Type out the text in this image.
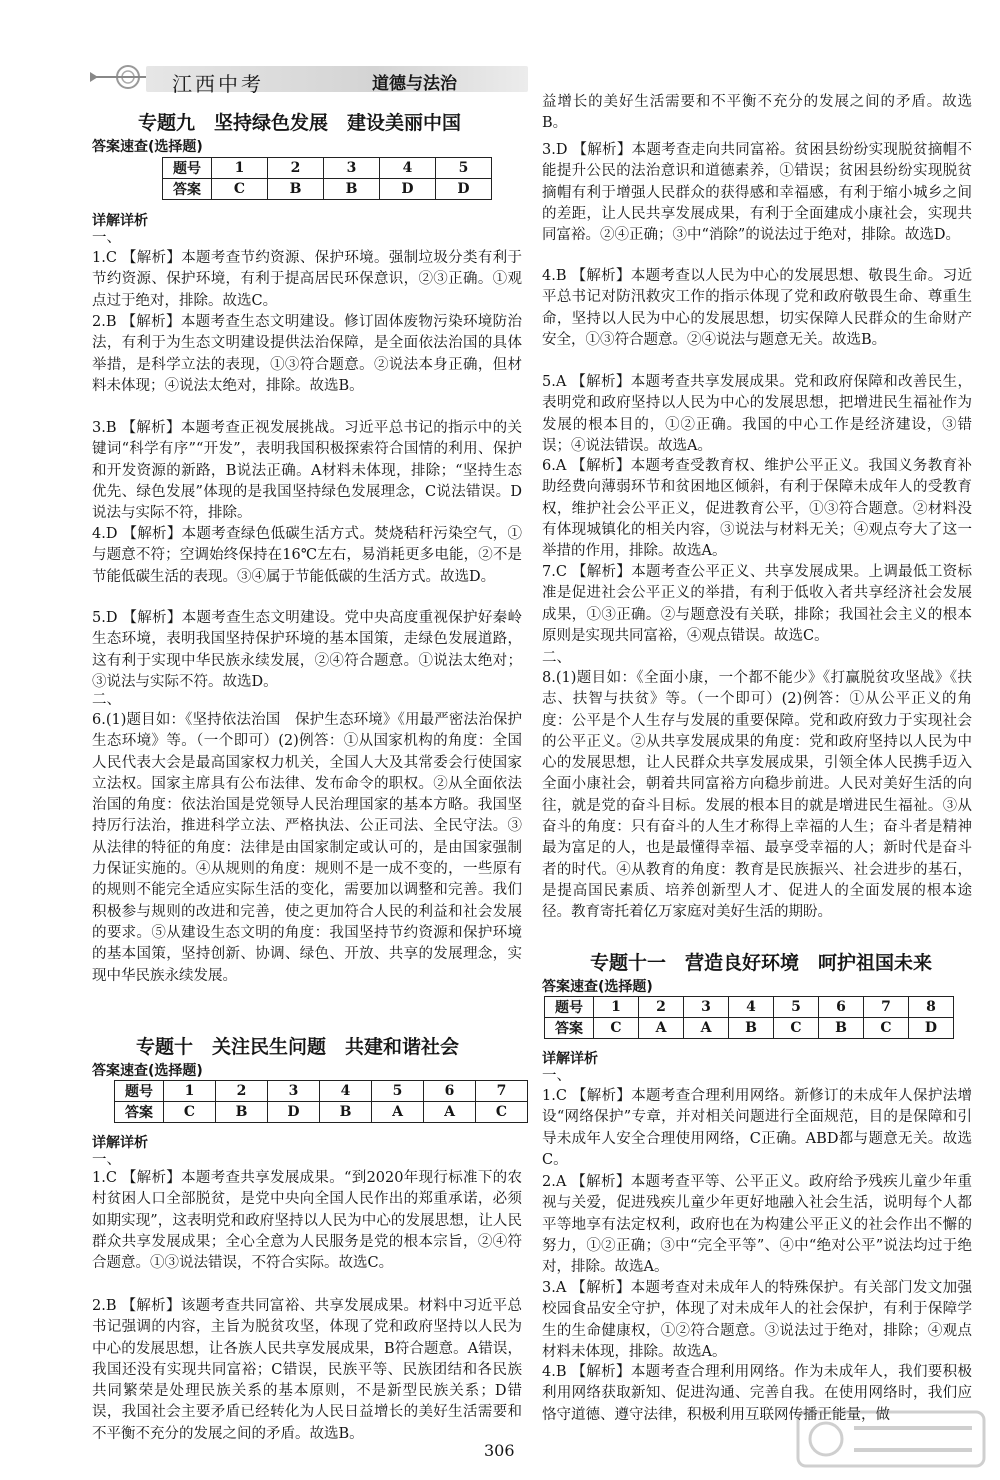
江西中考	道德与法治
专题九　坚持绿色发展　建设美丽中国
答案速查(选择题)
题号	1	2	3	4	5
答案	C	B	B	D	D
详解详析
一、
1.C 【解析】本题考查节约资源、保护环境。强制垃圾分类有利于节约资源、保护环境，有利于提高居民环保意识，②③正确。①观点过于绝对，排除。故选C。
2.B 【解析】本题考查生态文明建设。修订固体废物污染环境防治法，有利于为生态文明建设提供法治保障，是全面依法治国的具体举措，是科学立法的表现，①③符合题意。②说法本身正确，但材料未体现；④说法太绝对，排除。故选B。
3.B 【解析】本题考查正视发展挑战。习近平总书记的指示中的关键词“科学有序”“开发”，表明我国积极探索符合国情的利用、保护和开发资源的新路，B说法正确。A材料未体现，排除；“坚持生态优先、绿色发展”体现的是我国坚持绿色发展理念，C说法错误。D说法与实际不符，排除。
4.D 【解析】本题考查绿色低碳生活方式。焚烧秸秆污染空气，①与题意不符；空调始终保持在16℃左右，易消耗更多电能，②不是节能低碳生活的表现。③④属于节能低碳的生活方式。故选D。
5.D 【解析】本题考查生态文明建设。党中央高度重视保护好秦岭生态环境，表明我国坚持保护环境的基本国策，走绿色发展道路，这有利于实现中华民族永续发展，②④符合题意。①说法太绝对；③说法与实际不符。故选D。
二、
6.(1)题目如：《坚持依法治国　保护生态环境》《用最严密法治保护生态环境》等。（一个即可）(2)例答：①从国家机构的角度：全国人民代表大会是最高国家权力机关，全国人大及其常委会行使国家立法权。国家主席具有公布法律、发布命令的职权。②从全面依法治国的角度：依法治国是党领导人民治理国家的基本方略。我国坚持厉行法治，推进科学立法、严格执法、公正司法、全民守法。③从法律的特征的角度：法律是由国家制定或认可的，是由国家强制力保证实施的。④从规则的角度：规则不是一成不变的，一些原有的规则不能完全适应实际生活的变化，需要加以调整和完善。我们积极参与规则的改进和完善，使之更加符合人民的利益和社会发展的要求。⑤从建设生态文明的角度：我国坚持节约资源和保护环境的基本国策，坚持创新、协调、绿色、开放、共享的发展理念，实现中华民族永续发展。
专题十　关注民生问题　共建和谐社会
答案速查(选择题)
题号	1	2	3	4	5	6	7
答案	C	B	D	B	A	A	C
详解详析
一、
1.C 【解析】本题考查共享发展成果。“到2020年现行标准下的农村贫困人口全部脱贫，是党中央向全国人民作出的郑重承诺，必须如期实现”，这表明党和政府坚持以人民为中心的发展思想，让人民群众共享发展成果；全心全意为人民服务是党的根本宗旨，②④符合题意。①③说法错误，不符合实际。故选C。
2.B 【解析】该题考查共同富裕、共享发展成果。材料中习近平总书记强调的内容，主旨为脱贫攻坚，体现了党和政府坚持以人民为中心的发展思想，让各族人民共享发展成果，B符合题意。A错误，我国还没有实现共同富裕；C错误，民族平等、民族团结和各民族共同繁荣是处理民族关系的基本原则，不是新型民族关系；D错误，我国社会主要矛盾已经转化为人民日益增长的美好生活需要和不平衡不充分的发展之间的矛盾。故选B。
益增长的美好生活需要和不平衡不充分的发展之间的矛盾。故选B。
3.D 【解析】本题考查走向共同富裕。贫困县纷纷实现脱贫摘帽不能提升公民的法治意识和道德素养，①错误；贫困县纷纷实现脱贫摘帽有利于增强人民群众的获得感和幸福感，有利于缩小城乡之间的差距，让人民共享发展成果，有利于全面建成小康社会，实现共同富裕。②④正确；③中“消除”的说法过于绝对，排除。故选D。
4.B 【解析】本题考查以人民为中心的发展思想、敬畏生命。习近平总书记对防汛救灾工作的指示体现了党和政府敬畏生命、尊重生命，坚持以人民为中心的发展思想，切实保障人民群众的生命财产安全，①③符合题意。②④说法与题意无关。故选B。
5.A 【解析】本题考查共享发展成果。党和政府保障和改善民生，表明党和政府坚持以人民为中心的发展思想，把增进民生福祉作为发展的根本目的，①②正确。我国的中心工作是经济建设，③错误；④说法错误。故选A。
6.A 【解析】本题考查受教育权、维护公平正义。我国义务教育补助经费向薄弱环节和贫困地区倾斜，有利于保障未成年人的受教育权，维护社会公平正义，促进教育公平，①③符合题意。②材料没有体现城镇化的相关内容，③说法与材料无关；④观点夸大了这一举措的作用，排除。故选A。
7.C 【解析】本题考查公平正义、共享发展成果。上调最低工资标准是促进社会公平正义的举措，有利于低收入者共享经济社会发展成果，①③正确。②与题意没有关联，排除；我国社会主义的根本原则是实现共同富裕，④观点错误。故选C。
二、
8.(1)题目如：《全面小康，一个都不能少》《打赢脱贫攻坚战》《扶志、扶智与扶贫》等。（一个即可）(2)例答：①从公平正义的角度：公平是个人生存与发展的重要保障。党和政府致力于实现社会的公平正义。②从共享发展成果的角度：党和政府坚持以人民为中心的发展思想，让人民群众共享发展成果，引领全体人民携手迈入全面小康社会，朝着共同富裕方向稳步前进。人民对美好生活的向往，就是党的奋斗目标。发展的根本目的就是增进民生福祉。③从奋斗的角度：只有奋斗的人生才称得上幸福的人生；奋斗者是精神最为富足的人，也是最懂得幸福、最享受幸福的人；新时代是奋斗者的时代。④从教育的角度：教育是民族振兴、社会进步的基石，是提高国民素质、培养创新型人才、促进人的全面发展的根本途径。教育寄托着亿万家庭对美好生活的期盼。
专题十一　营造良好环境　呵护祖国未来
答案速查(选择题)
题号	1	2	3	4	5	6	7	8
答案	C	A	A	B	C	B	C	D
详解详析
一、
1.C 【解析】本题考查合理利用网络。新修订的未成年人保护法增设“网络保护”专章，并对相关问题进行全面规范，目的是保障和引导未成年人安全合理使用网络，C正确。ABD都与题意无关。故选C。
2.A 【解析】本题考查平等、公平正义。政府给予残疾儿童少年重视与关爱，促进残疾儿童少年更好地融入社会生活，说明每个人都平等地享有法定权利，政府也在为构建公平正义的社会作出不懈的努力，①②正确；③中“完全平等”、④中“绝对公平”说法均过于绝对，排除。故选A。
3.A 【解析】本题考查对未成年人的特殊保护。有关部门发文加强校园食品安全守护，体现了对未成年人的社会保护，有利于保障学生的生命健康权，①②符合题意。③说法过于绝对，排除；④观点材料未体现，排除。故选A。
4.B 【解析】本题考查合理利用网络。作为未成年人，我们要积极利用网络获取新知、促进沟通、完善自我。在使用网络时，我们应恪守道德、遵守法律，积极利用互联网传播正能量，做
306
